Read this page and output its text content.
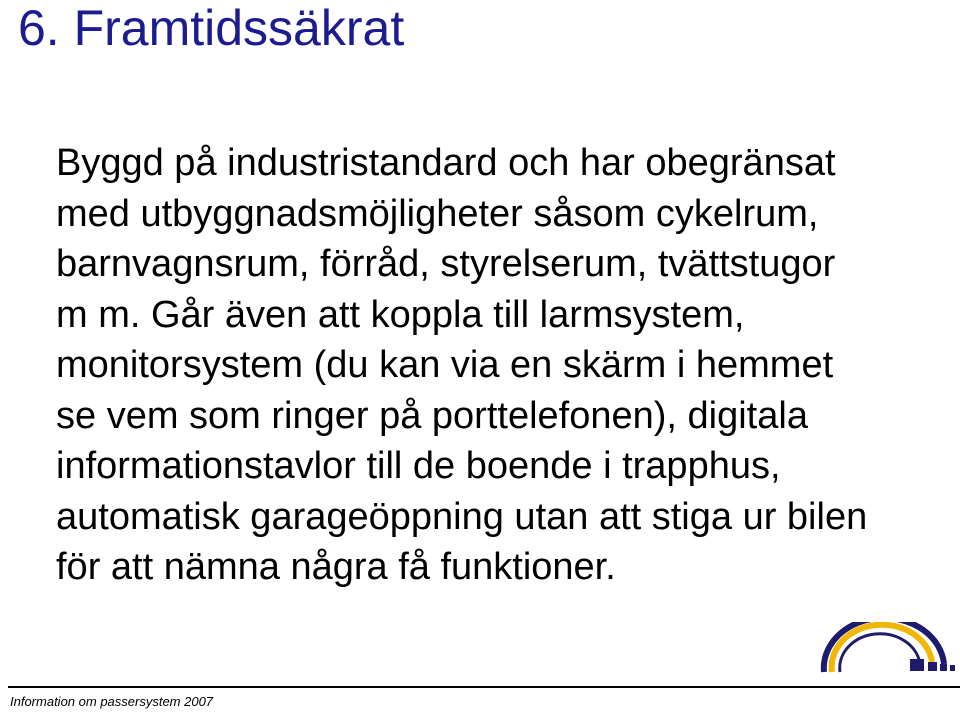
6. Framtidssäkrat
Byggd på industristandard och har obegränsat
med utbyggnadsmöjligheter såsom cykelrum,
barnvagnsrum, förråd, styrelserum, tvättstugor
m m. Går även att koppla till larmsystem,
monitorsystem (du kan via en skärm i hemmet
se vem som ringer på porttelefonen), digitala
informationstavlor till de boende i trapphus,
automatisk garageöppning utan att stiga ur bilen
för att nämna några få funktioner.
Information om passersystem 2007
